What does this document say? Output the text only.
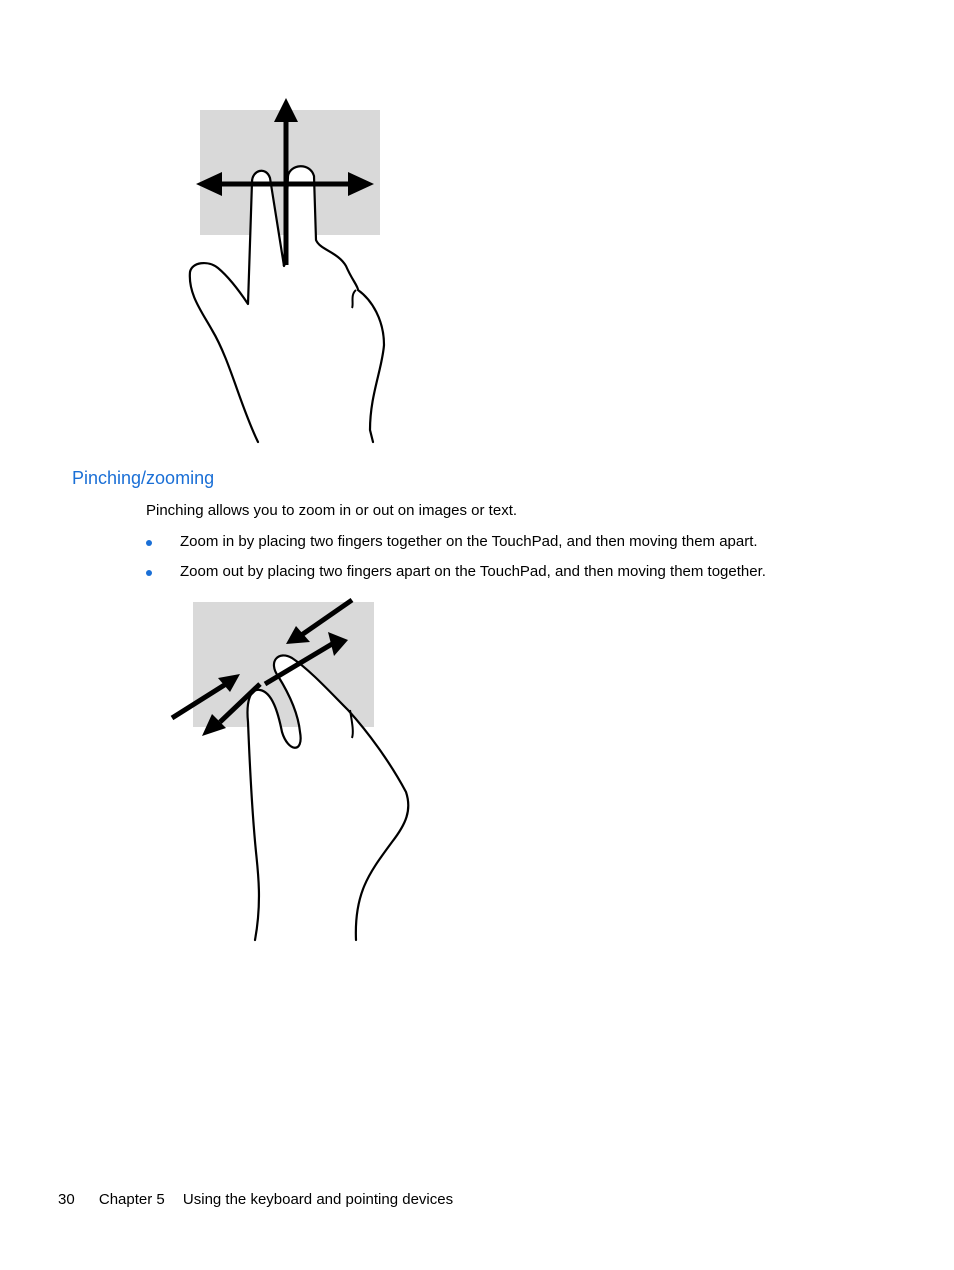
Pinching/zooming
Pinching allows you to zoom in or out on images or text.
Zoom in by placing two fingers together on the TouchPad, and then moving them apart.
Zoom out by placing two fingers apart on the TouchPad, and then moving them together.
30 Chapter 5 Using the keyboard and pointing devices
